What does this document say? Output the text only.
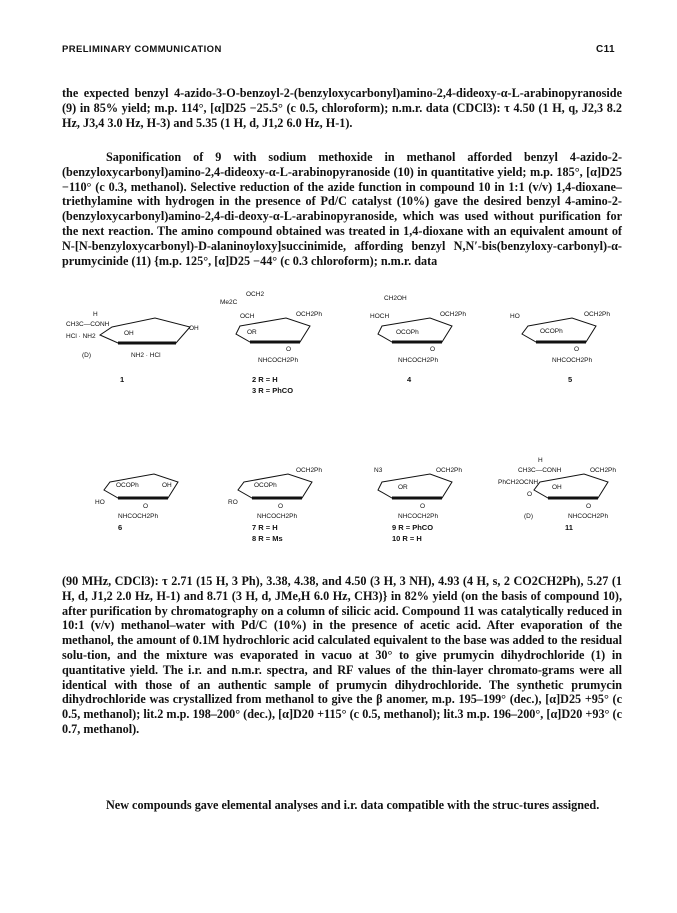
PRELIMINARY COMMUNICATION	C11

the expected benzyl 4-azido-3-O-benzoyl-2-(benzyloxycarbonyl)amino-2,4-dideoxy-α-L-arabinopyranoside (9) in 85% yield; m.p. 114°, [α]D25 −25.5° (c 0.5, chloroform); n.m.r. data (CDCl3): τ 4.50 (1 H, q, J2,3 8.2 Hz, J3,4 3.0 Hz, H-3) and 5.35 (1 H, d, J1,2 6.0 Hz, H-1).

Saponification of 9 with sodium methoxide in methanol afforded benzyl 4-azido-2-(benzyloxycarbonyl)amino-2,4-dideoxy-α-L-arabinopyranoside (10) in quantitative yield; m.p. 185°, [α]D25 −110° (c 0.3, methanol). Selective reduction of the azide function in compound 10 in 1:1 (v/v) 1,4-dioxane–triethylamine with hydrogen in the presence of Pd/C catalyst (10%) gave the desired benzyl 4-amino-2-(benzyloxycarbonyl)amino-2,4-di-deoxy-α-L-arabinopyranoside, which was used without purification for the next reaction. The amino compound obtained was treated in 1,4-dioxane with an equivalent amount of N-[N-benzyloxycarbonyl)-D-alaninoyloxy]succinimide, affording benzyl N,N′-bis(benzyloxy-carbonyl)-α-prumycinide (11) {m.p. 125°, [α]D25 −44° (c 0.3 chloroform); n.m.r. data

H
CH3C—CONH
HCl · NH2	OH
OH
NH2 · HCl
(D)
1
Me2C
OCH2
OCH
OR
OCH2Ph
O
NHCOCH2Ph
2 R = H
3 R = PhCO
CH2OH
HOCH
OCOPh
OCH2Ph
O
NHCOCH2Ph
4
HO
OCOPh
OCH2Ph
O
NHCOCH2Ph
5
OCOPh	OH
HO
O
NHCOCH2Ph
6
OCOPh
OCH2Ph
RO
O
NHCOCH2Ph
7 R = H
8 R = Ms
N3
OR
OCH2Ph
O
NHCOCH2Ph
9 R = PhCO
10 R = H
H
CH3C—CONH
PhCH2OCNH
O
OH
OCH2Ph
O
NHCOCH2Ph
(D)
11

(90 MHz, CDCl3): τ 2.71 (15 H, 3 Ph), 3.38, 4.38, and 4.50 (3 H, 3 NH), 4.93 (4 H, s, 2 CO2CH2Ph), 5.27 (1 H, d, J1,2 2.0 Hz, H-1) and 8.71 (3 H, d, JMe,H 6.0 Hz, CH3)} in 82% yield (on the basis of compound 10), after purification by chromatography on a column of silicic acid. Compound 11 was catalytically reduced in 10:1 (v/v) methanol–water with Pd/C (10%) in the presence of acetic acid. After evaporation of the methanol, the amount of 0.1M hydrochloric acid calculated equivalent to the base was added to the residual solu-tion, and the mixture was evaporated in vacuo at 30° to give prumycin dihydrochloride (1) in quantitative yield. The i.r. and n.m.r. spectra, and RF values of the thin-layer chromato-grams were all identical with those of an authentic sample of prumycin dihydrochloride. The synthetic prumycin dihydrochloride was crystallized from methanol to give the β anomer, m.p. 195–199° (dec.), [α]D25 +95° (c 0.5, methanol); lit.2 m.p. 198–200° (dec.), [α]D20 +115° (c 0.5, methanol); lit.3 m.p. 196–200°, [α]D20 +93° (c 0.7, methanol).

New compounds gave elemental analyses and i.r. data compatible with the struc-tures assigned.
